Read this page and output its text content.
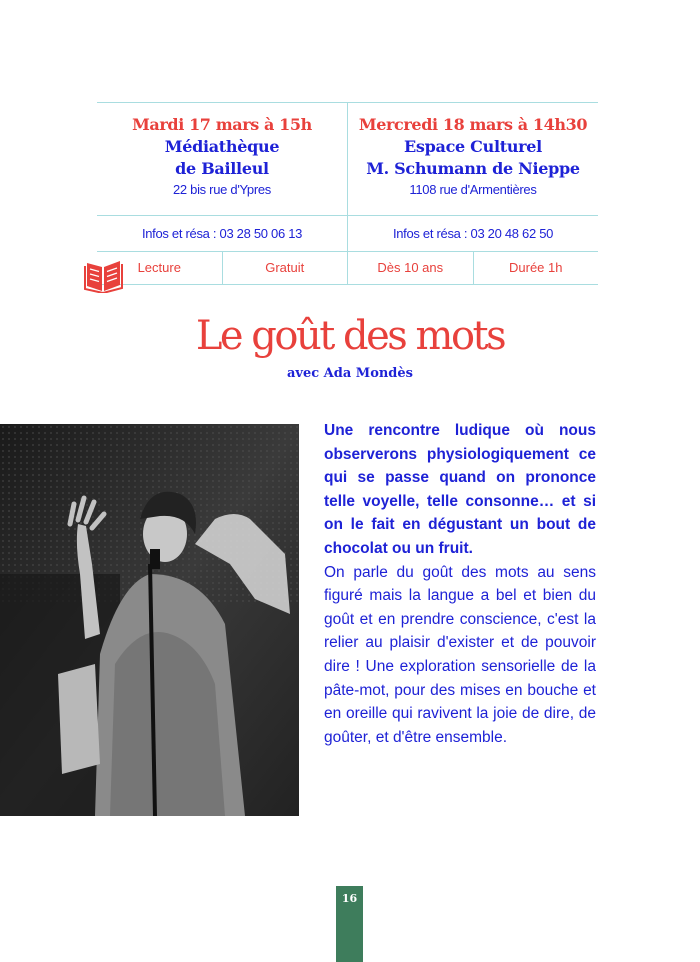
Mardi 17 mars à 15h
Médiathèque
de Bailleul
22 bis rue d'Ypres
Mercredi 18 mars à 14h30
Espace Culturel
M. Schumann de Nieppe
1108 rue d'Armentières
Infos et résa : 03 28 50 06 13	Infos et résa : 03 20 48 62 50
Lecture	Gratuit	Dès 10 ans	Durée 1h
Le goût des mots
avec Ada Mondès

Une rencontre ludique où nous observerons physiologiquement ce qui se passe quand on prononce telle voyelle, telle consonne… et si on le fait en dégustant un bout de chocolat ou un fruit.

On parle du goût des mots au sens figuré mais la langue a bel et bien du goût et en prendre conscience, c'est la relier au plaisir d'exister et de pouvoir dire ! Une exploration sensorielle de la pâte-mot, pour des mises en bouche et en oreille qui ravivent la joie de dire, de goûter, et d'être ensemble.

16
